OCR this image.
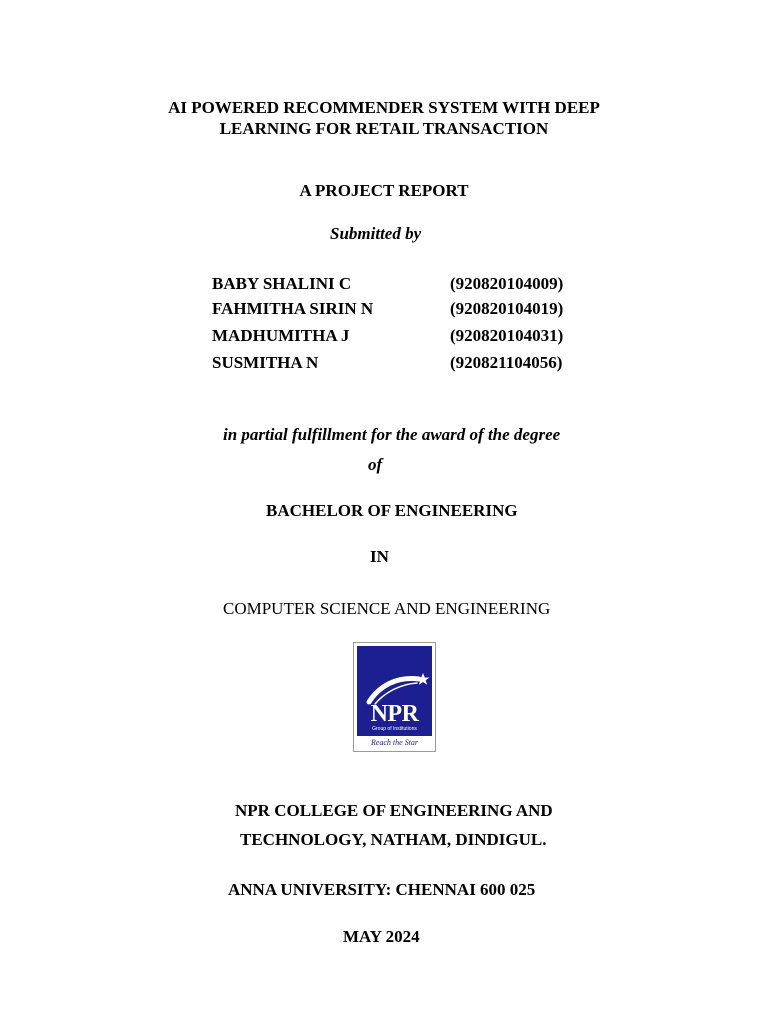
AI POWERED RECOMMENDER SYSTEM WITH DEEP
LEARNING FOR RETAIL TRANSACTION
A PROJECT REPORT
Submitted by
BABY SHALINI C	(920820104009)
FAHMITHA SIRIN N	(920820104019)
MADHUMITHA J	(920820104031)
SUSMITHA N	(920821104056)
in partial fulfillment for the award of the degree
of
BACHELOR OF ENGINEERING
IN
COMPUTER SCIENCE AND ENGINEERING
NPR
Group of Institutions
Reach the Star
NPR COLLEGE OF ENGINEERING AND
TECHNOLOGY, NATHAM, DINDIGUL.
ANNA UNIVERSITY: CHENNAI 600 025
MAY 2024
